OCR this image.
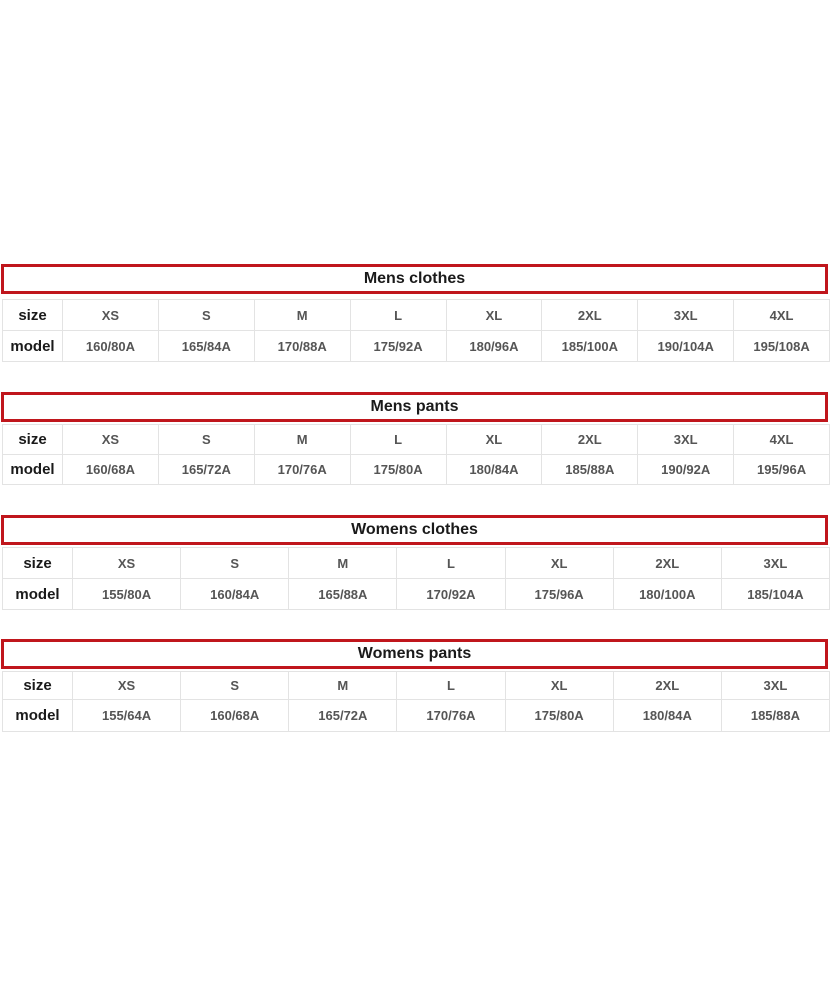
Mens clothes
size	XS	S	M	L	XL	2XL	3XL	4XL
model	160/80A	165/84A	170/88A	175/92A	180/96A	185/100A	190/104A	195/108A
Mens pants
size	XS	S	M	L	XL	2XL	3XL	4XL
model	160/68A	165/72A	170/76A	175/80A	180/84A	185/88A	190/92A	195/96A
Womens clothes
size	XS	S	M	L	XL	2XL	3XL
model	155/80A	160/84A	165/88A	170/92A	175/96A	180/100A	185/104A
Womens pants
size	XS	S	M	L	XL	2XL	3XL
model	155/64A	160/68A	165/72A	170/76A	175/80A	180/84A	185/88A
